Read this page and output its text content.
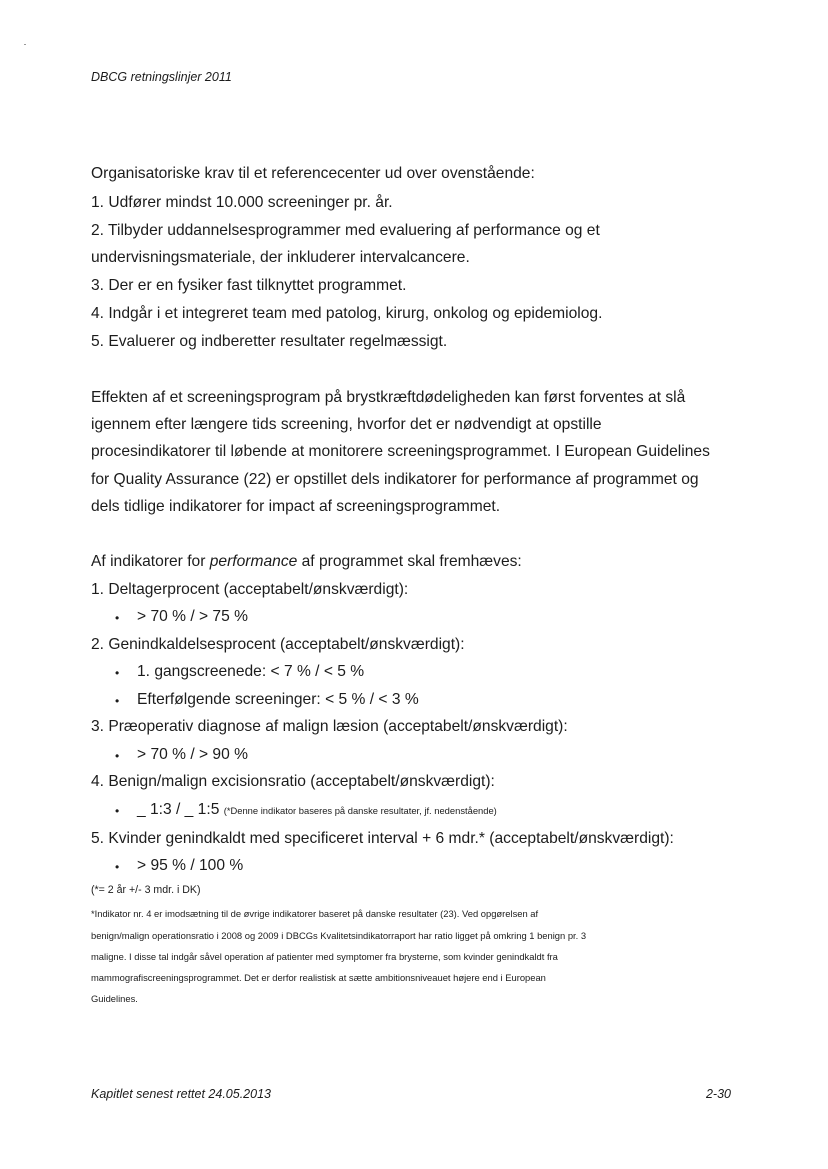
DBCG retningslinjer 2011
Organisatoriske krav til et referencecenter ud over ovenstående:
1. Udfører mindst 10.000 screeninger pr. år.
2. Tilbyder uddannelsesprogrammer med evaluering af performance og et
undervisningsmateriale, der inkluderer intervalcancere.
3. Der er en fysiker fast tilknyttet programmet.
4. Indgår i et integreret team med patolog, kirurg, onkolog og epidemiolog.
5. Evaluerer og indberetter resultater regelmæssigt.
Effekten af et screeningsprogram på brystkræftdødeligheden kan først forventes at slå
igennem efter længere tids screening, hvorfor det er nødvendigt at opstille
procesindikatorer til løbende at monitorere screeningsprogrammet. I European Guidelines
for Quality Assurance (22) er opstillet dels indikatorer for performance af programmet og
dels tidlige indikatorer for impact af screeningsprogrammet.
Af indikatorer for performance af programmet skal fremhæves:
1. Deltagerprocent (acceptabelt/ønskværdigt):
• > 70 % / > 75 %
2. Genindkaldelsesprocent (acceptabelt/ønskværdigt):
• 1. gangscreenede: < 7 % / < 5 %
• Efterfølgende screeninger: < 5 % / < 3 %
3. Præoperativ diagnose af malign læsion (acceptabelt/ønskværdigt):
• > 70 % / > 90 %
4. Benign/malign excisionsratio (acceptabelt/ønskværdigt):
• _ 1:3 / _ 1:5 (*Denne indikator baseres på danske resultater, jf. nedenstående)
5. Kvinder genindkaldt med specificeret interval + 6 mdr.* (acceptabelt/ønskværdigt):
• > 95 % / 100 %
(*= 2 år +/- 3 mdr. i DK)
*Indikator nr. 4 er imodsætning til de øvrige indikatorer baseret på danske resultater (23). Ved opgørelsen af
benign/malign operationsratio i 2008 og 2009 i DBCGs Kvalitetsindikatorraport har ratio ligget på omkring 1 benign pr. 3
maligne. I disse tal indgår såvel operation af patienter med symptomer fra brysterne, som kvinder genindkaldt fra
mammografiscreeningsprogrammet. Det er derfor realistisk at sætte ambitionsniveauet højere end i European
Guidelines.
Kapitlet senest rettet 24.05.2013	2-30
